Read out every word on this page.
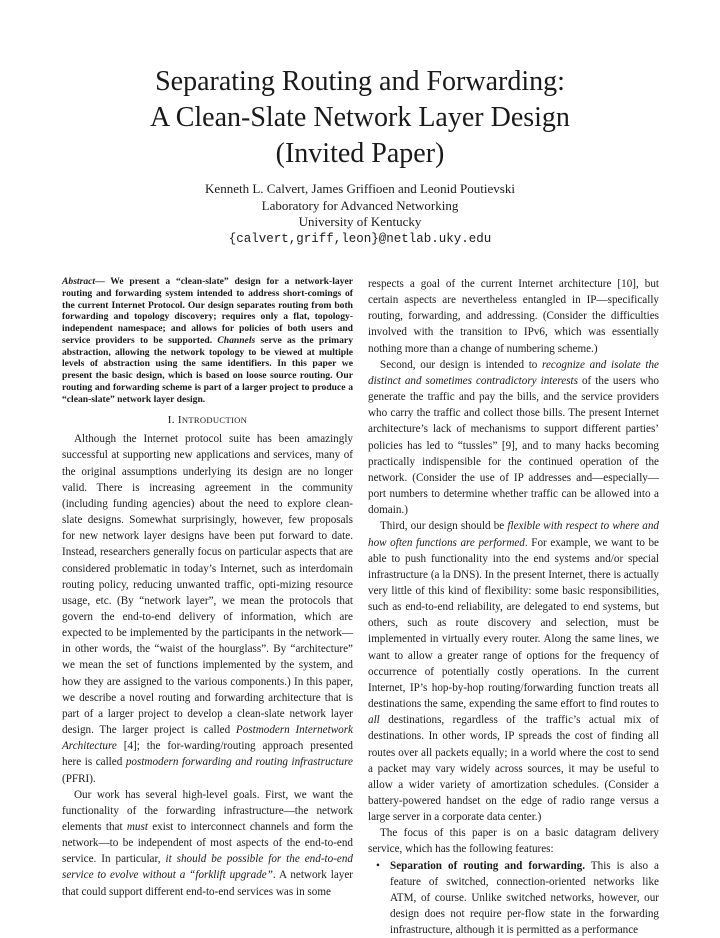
Separating Routing and Forwarding:
A Clean-Slate Network Layer Design
(Invited Paper)
Kenneth L. Calvert, James Griffioen and Leonid Poutievski
Laboratory for Advanced Networking
University of Kentucky
{calvert,griff,leon}@netlab.uky.edu

Abstract— We present a “clean-slate” design for a network-layer routing and forwarding system intended to address short-comings of the current Internet Protocol. Our design separates routing from both forwarding and topology discovery; requires only a flat, topology-independent namespace; and allows for policies of both users and service providers to be supported. Channels serve as the primary abstraction, allowing the network topology to be viewed at multiple levels of abstraction using the same identifiers. In this paper we present the basic design, which is based on loose source routing. Our routing and forwarding scheme is part of a larger project to produce a “clean-slate” network layer design.

I. INTRODUCTION

Although the Internet protocol suite has been amazingly successful at supporting new applications and services, many of the original assumptions underlying its design are no longer valid. There is increasing agreement in the community (including funding agencies) about the need to explore clean-slate designs. Somewhat surprisingly, however, few proposals for new network layer designs have been put forward to date. Instead, researchers generally focus on particular aspects that are considered problematic in today’s Internet, such as interdomain routing policy, reducing unwanted traffic, opti-mizing resource usage, etc. (By “network layer”, we mean the protocols that govern the end-to-end delivery of information, which are expected to be implemented by the participants in the network—in other words, the “waist of the hourglass”. By “architecture” we mean the set of functions implemented by the system, and how they are assigned to the various components.) In this paper, we describe a novel routing and forwarding architecture that is part of a larger project to develop a clean-slate network layer design. The larger project is called Postmodern Internetwork Architecture [4]; the for-warding/routing approach presented here is called postmodern forwarding and routing infrastructure (PFRI).

Our work has several high-level goals. First, we want the functionality of the forwarding infrastructure—the network elements that must exist to interconnect channels and form the network—to be independent of most aspects of the end-to-end service. In particular, it should be possible for the end-to-end service to evolve without a “forklift upgrade”. A network layer that could support different end-to-end services was in some

respects a goal of the current Internet architecture [10], but certain aspects are nevertheless entangled in IP—specifically routing, forwarding, and addressing. (Consider the difficulties involved with the transition to IPv6, which was essentially nothing more than a change of numbering scheme.)

Second, our design is intended to recognize and isolate the distinct and sometimes contradictory interests of the users who generate the traffic and pay the bills, and the service providers who carry the traffic and collect those bills. The present Internet architecture’s lack of mechanisms to support different parties’ policies has led to “tussles” [9], and to many hacks becoming practically indispensible for the continued operation of the network. (Consider the use of IP addresses and—especially—port numbers to determine whether traffic can be allowed into a domain.)

Third, our design should be flexible with respect to where and how often functions are performed. For example, we want to be able to push functionality into the end systems and/or special infrastructure (a la DNS). In the present Internet, there is actually very little of this kind of flexibility: some basic responsibilities, such as end-to-end reliability, are delegated to end systems, but others, such as route discovery and selection, must be implemented in virtually every router. Along the same lines, we want to allow a greater range of options for the frequency of occurrence of potentially costly operations. In the current Internet, IP’s hop-by-hop routing/forwarding function treats all destinations the same, expending the same effort to find routes to all destinations, regardless of the traffic’s actual mix of destinations. In other words, IP spreads the cost of finding all routes over all packets equally; in a world where the cost to send a packet may vary widely across sources, it may be useful to allow a wider variety of amortization schedules. (Consider a battery-powered handset on the edge of radio range versus a large server in a corporate data center.)

The focus of this paper is on a basic datagram delivery service, which has the following features:

• Separation of routing and forwarding. This is also a feature of switched, connection-oriented networks like ATM, of course. Unlike switched networks, however, our design does not require per-flow state in the forwarding infrastructure, although it is permitted as a performance
